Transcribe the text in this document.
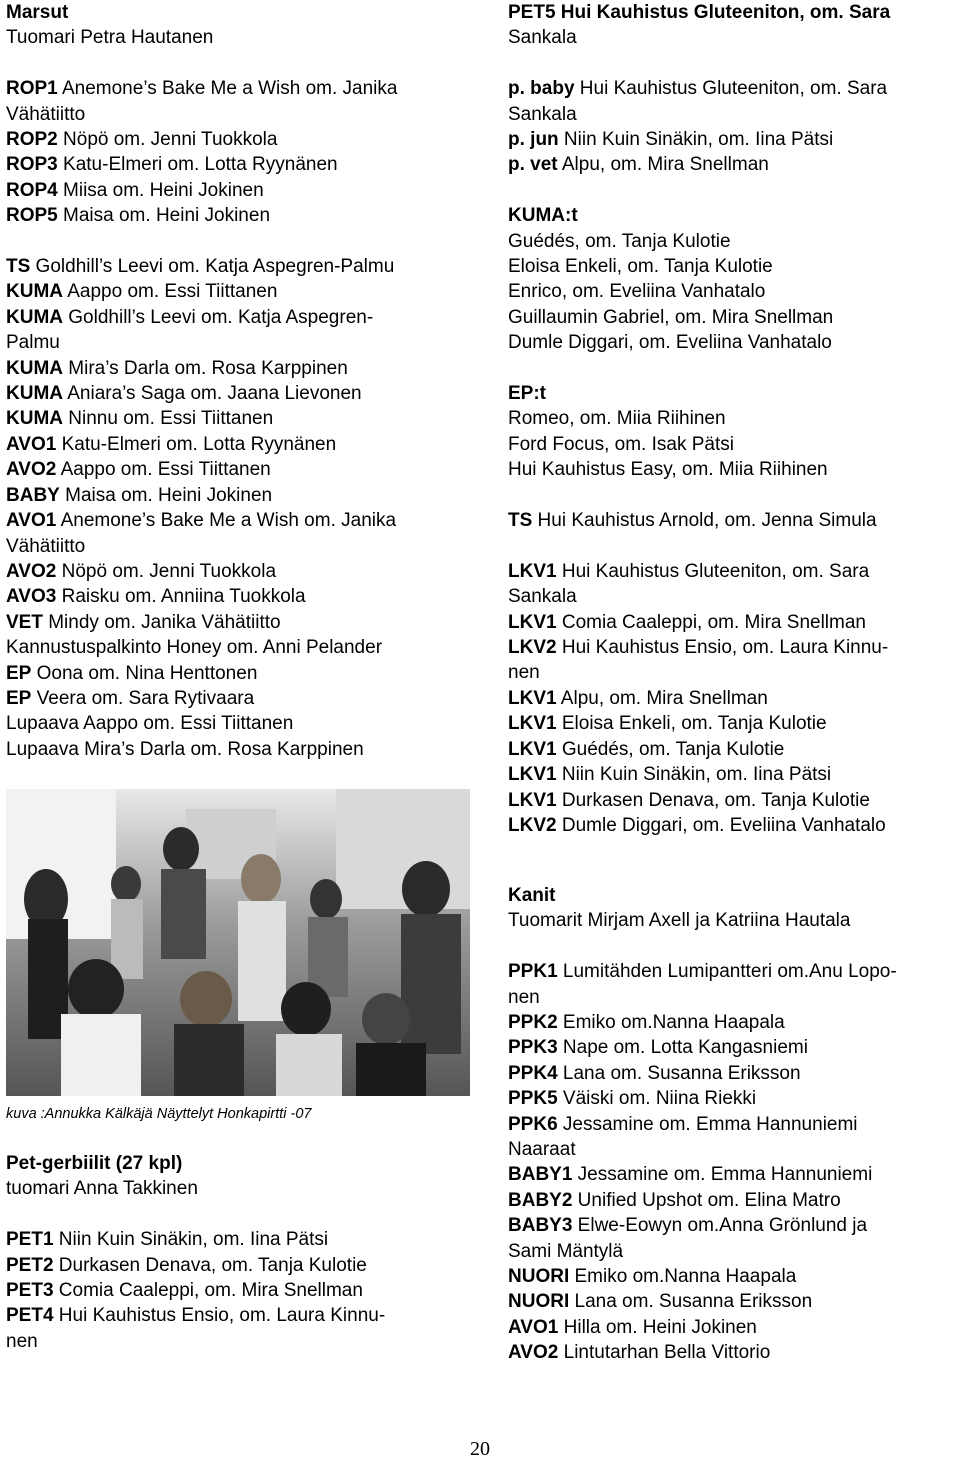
Marsut
Tuomari Petra Hautanen
ROP1 Anemone’s Bake Me a Wish om. Janika
Vähätiitto
ROP2 Nöpö om. Jenni Tuokkola
ROP3 Katu-Elmeri om. Lotta Ryynänen
ROP4 Miisa om. Heini Jokinen
ROP5 Maisa om. Heini Jokinen
TS Goldhill’s Leevi om. Katja Aspegren-Palmu
KUMA Aappo om. Essi Tiittanen
KUMA Goldhill’s Leevi om. Katja Aspegren-
Palmu
KUMA Mira’s Darla om. Rosa Karppinen
KUMA Aniara’s Saga om. Jaana Lievonen
KUMA Ninnu om. Essi Tiittanen
AVO1 Katu-Elmeri om. Lotta Ryynänen
AVO2 Aappo om. Essi Tiittanen
BABY Maisa om. Heini Jokinen
AVO1 Anemone’s Bake Me a Wish om. Janika
Vähätiitto
AVO2 Nöpö om. Jenni Tuokkola
AVO3 Raisku om. Anniina Tuokkola
VET Mindy om. Janika Vähätiitto
Kannustuspalkinto Honey om. Anni Pelander
EP Oona om. Nina Henttonen
EP Veera om. Sara Rytivaara
Lupaava Aappo om. Essi Tiittanen
Lupaava Mira’s Darla om. Rosa Karppinen
kuva :Annukka Kälkäjä Näyttelyt Honkapirtti -07
Pet-gerbiilit (27 kpl)
tuomari Anna Takkinen
PET1 Niin Kuin Sinäkin, om. Iina Pätsi
PET2 Durkasen Denava, om. Tanja Kulotie
PET3 Comia Caaleppi, om. Mira Snellman
PET4 Hui Kauhistus Ensio, om. Laura Kinnu-
nen
PET5 Hui Kauhistus Gluteeniton, om. Sara
Sankala
p. baby Hui Kauhistus Gluteeniton, om. Sara
Sankala
p. jun Niin Kuin Sinäkin, om. Iina Pätsi
p. vet Alpu, om. Mira Snellman
KUMA:t
Guédés, om. Tanja Kulotie
Eloisa Enkeli, om. Tanja Kulotie
Enrico, om. Eveliina Vanhatalo
Guillaumin Gabriel, om. Mira Snellman
Dumle Diggari, om. Eveliina Vanhatalo
EP:t
Romeo, om. Miia Riihinen
Ford Focus, om. Isak Pätsi
Hui Kauhistus Easy, om. Miia Riihinen
TS Hui Kauhistus Arnold, om. Jenna Simula
LKV1 Hui Kauhistus Gluteeniton, om. Sara
Sankala
LKV1 Comia Caaleppi, om. Mira Snellman
LKV2 Hui Kauhistus Ensio, om. Laura Kinnu-
nen
LKV1 Alpu, om. Mira Snellman
LKV1 Eloisa Enkeli, om. Tanja Kulotie
LKV1 Guédés, om. Tanja Kulotie
LKV1 Niin Kuin Sinäkin, om. Iina Pätsi
LKV1 Durkasen Denava, om. Tanja Kulotie
LKV2 Dumle Diggari, om. Eveliina Vanhatalo
Kanit
Tuomarit Mirjam Axell ja Katriina Hautala
PPK1 Lumitähden Lumipantteri om.Anu Lopo-
nen
PPK2 Emiko om.Nanna Haapala
PPK3 Nape om. Lotta Kangasniemi
PPK4 Lana om. Susanna Eriksson
PPK5 Väiski om. Niina Riekki
PPK6 Jessamine om. Emma Hannuniemi
Naaraat
BABY1 Jessamine om. Emma Hannuniemi
BABY2 Unified Upshot om. Elina Matro
BABY3 Elwe-Eowyn om.Anna Grönlund ja
Sami Mäntylä
NUORI Emiko om.Nanna Haapala
NUORI Lana om. Susanna Eriksson
AVO1 Hilla om. Heini Jokinen
AVO2 Lintutarhan Bella Vittorio
20
